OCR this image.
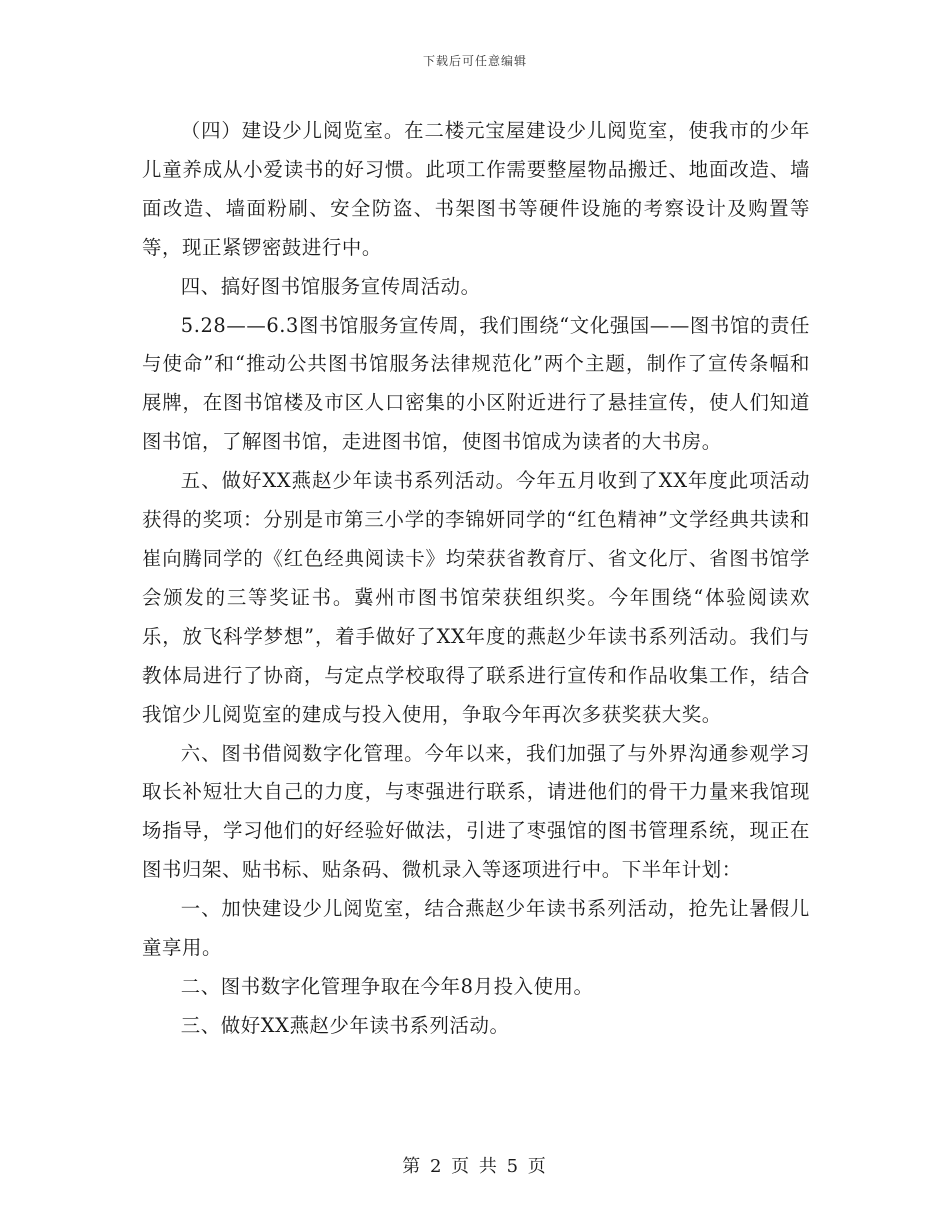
下载后可任意编辑

（四）建设少儿阅览室。在二楼元宝屋建设少儿阅览室，使我市的少年儿童养成从小爱读书的好习惯。此项工作需要整屋物品搬迁、地面改造、墙面改造、墙面粉刷、安全防盗、书架图书等硬件设施的考察设计及购置等等，现正紧锣密鼓进行中。

四、搞好图书馆服务宣传周活动。

5.28——6.3图书馆服务宣传周，我们围绕“文化强国——图书馆的责任与使命”和“推动公共图书馆服务法律规范化”两个主题，制作了宣传条幅和展牌，在图书馆楼及市区人口密集的小区附近进行了悬挂宣传，使人们知道图书馆，了解图书馆，走进图书馆，使图书馆成为读者的大书房。

五、做好XX燕赵少年读书系列活动。今年五月收到了XX年度此项活动获得的奖项：分别是市第三小学的李锦妍同学的“红色精神”文学经典共读和崔向腾同学的《红色经典阅读卡》均荣获省教育厅、省文化厅、省图书馆学会颁发的三等奖证书。冀州市图书馆荣获组织奖。今年围绕“体验阅读欢乐，放飞科学梦想”，着手做好了XX年度的燕赵少年读书系列活动。我们与教体局进行了协商，与定点学校取得了联系进行宣传和作品收集工作，结合我馆少儿阅览室的建成与投入使用，争取今年再次多获奖获大奖。

六、图书借阅数字化管理。今年以来，我们加强了与外界沟通参观学习取长补短壮大自己的力度，与枣强进行联系，请进他们的骨干力量来我馆现场指导，学习他们的好经验好做法，引进了枣强馆的图书管理系统，现正在图书归架、贴书标、贴条码、微机录入等逐项进行中。下半年计划：

一、加快建设少儿阅览室，结合燕赵少年读书系列活动，抢先让暑假儿童享用。

二、图书数字化管理争取在今年8月投入使用。

三、做好XX燕赵少年读书系列活动。

第 2 页 共 5 页
